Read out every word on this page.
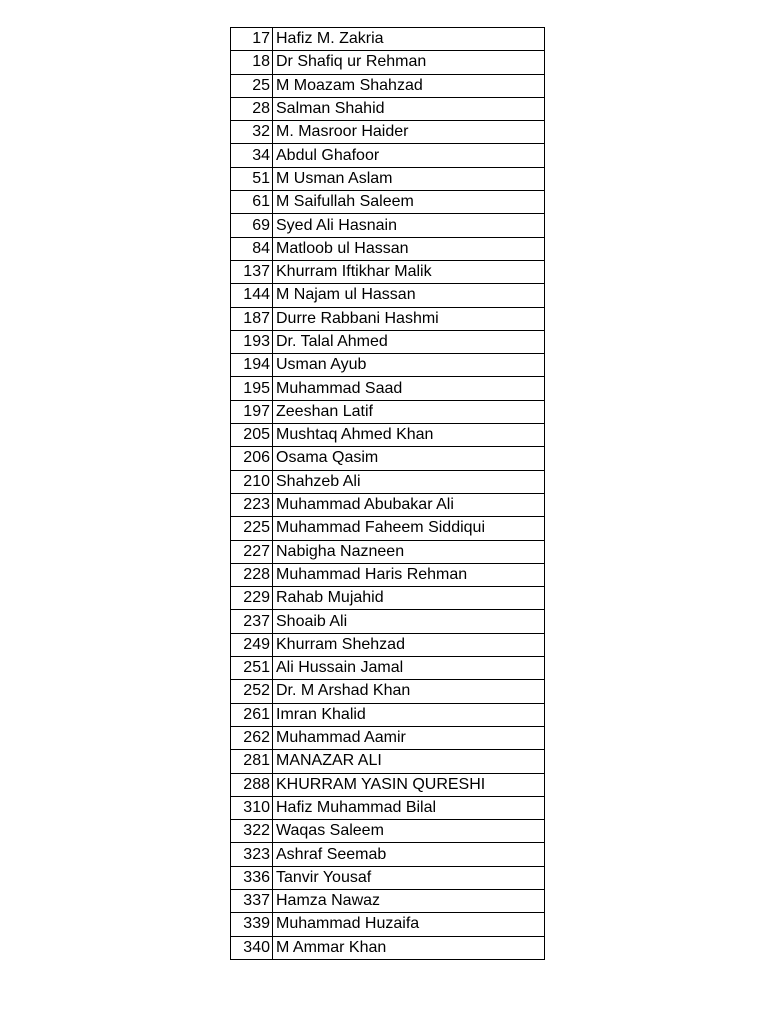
17	Hafiz M. Zakria
18	Dr Shafiq ur Rehman
25	M Moazam Shahzad
28	Salman Shahid
32	M. Masroor Haider
34	Abdul Ghafoor
51	M Usman Aslam
61	M Saifullah Saleem
69	Syed Ali Hasnain
84	Matloob ul Hassan
137	Khurram Iftikhar Malik
144	M Najam ul Hassan
187	Durre Rabbani Hashmi
193	Dr. Talal Ahmed
194	Usman Ayub
195	Muhammad Saad
197	Zeeshan Latif
205	Mushtaq Ahmed Khan
206	Osama Qasim
210	Shahzeb Ali
223	Muhammad Abubakar Ali
225	Muhammad Faheem Siddiqui
227	Nabigha Nazneen
228	Muhammad Haris Rehman
229	Rahab Mujahid
237	Shoaib Ali
249	Khurram Shehzad
251	Ali Hussain Jamal
252	Dr. M Arshad Khan
261	Imran Khalid
262	Muhammad Aamir
281	MANAZAR ALI
288	KHURRAM YASIN QURESHI
310	Hafiz Muhammad Bilal
322	Waqas Saleem
323	Ashraf Seemab
336	Tanvir Yousaf
337	Hamza Nawaz
339	Muhammad Huzaifa
340	M Ammar Khan
